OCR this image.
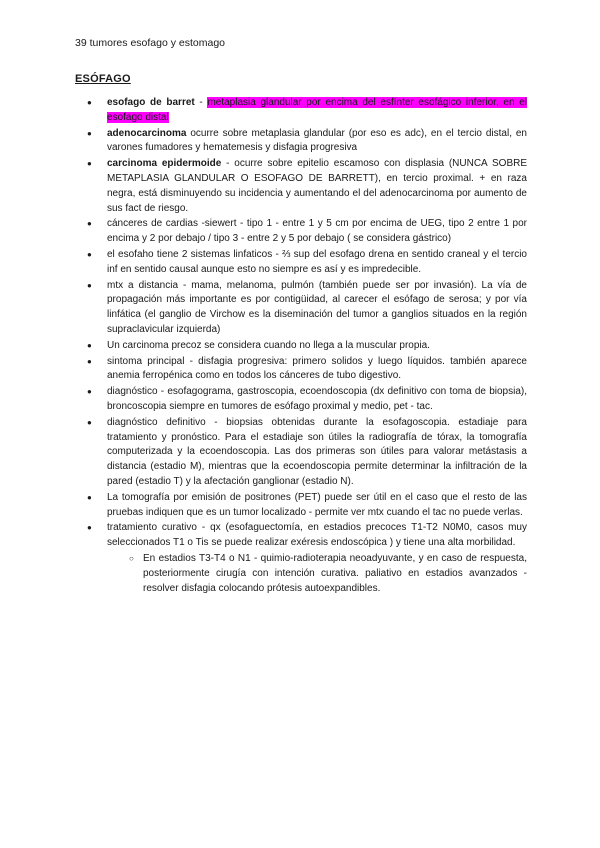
39 tumores esofago y estomago
ESÓFAGO
● esofago de barret - metaplasia glandular por encima del esfínter esofágico inferior, en el esofago distal
● adenocarcinoma ocurre sobre metaplasia glandular (por eso es adc), en el tercio distal, en varones fumadores y hematemesis y disfagia progresiva
● carcinoma epidermoide - ocurre sobre epitelio escamoso con displasia (NUNCA SOBRE METAPLASIA GLANDULAR O ESOFAGO DE BARRETT), en tercio proximal. + en raza negra, está disminuyendo su incidencia y aumentando el del adenocarcinoma por aumento de sus fact de riesgo.
● cánceres de cardias -siewert - tipo 1 - entre 1 y 5 cm por encima de UEG, tipo 2 entre 1 por encima y 2 por debajo / tipo 3 - entre 2 y 5 por debajo ( se considera gástrico)
● el esofaho tiene 2 sistemas linfaticos - ⅔ sup del esofago drena en sentido craneal y el tercio inf en sentido causal aunque esto no siempre es así y es impredecible.
● mtx a distancia - mama, melanoma, pulmón (también puede ser por invasión). La vía de propagación más importante es por contigüidad, al carecer el esófago de serosa; y por vía linfática (el ganglio de Virchow es la diseminación del tumor a ganglios situados en la región supraclavicular izquierda)
● Un carcinoma precoz se considera cuando no llega a la muscular propia.
● sintoma principal - disfagia progresiva: primero solidos y luego líquidos. también aparece anemia ferropénica como en todos los cánceres de tubo digestivo.
● diagnóstico - esofagograma, gastroscopia, ecoendoscopia (dx definitivo con toma de biopsia), broncoscopia siempre en tumores de esófago proximal y medio, pet - tac.
● diagnóstico definitivo - biopsias obtenidas durante la esofagoscopia. estadiaje para tratamiento y pronóstico. Para el estadiaje son útiles la radiografía de tórax, la tomografía computerizada y la ecoendoscopia. Las dos primeras son útiles para valorar metástasis a distancia (estadio M), mientras que la ecoendoscopia permite determinar la infiltración de la pared (estadio T) y la afectación ganglionar (estadio N).
● La tomografía por emisión de positrones (PET) puede ser útil en el caso que el resto de las pruebas indiquen que es un tumor localizado - permite ver mtx cuando el tac no puede verlas.
● tratamiento curativo - qx (esofaguectomía, en estadios precoces T1-T2 N0M0, casos muy seleccionados T1 o Tis se puede realizar exéresis endoscópica ) y tiene una alta morbilidad.
○ En estadios T3-T4 o N1 - quimio-radioterapia neoadyuvante, y en caso de respuesta, posteriormente cirugía con intención curativa. paliativo en estadios avanzados - resolver disfagia colocando prótesis autoexpandibles.
